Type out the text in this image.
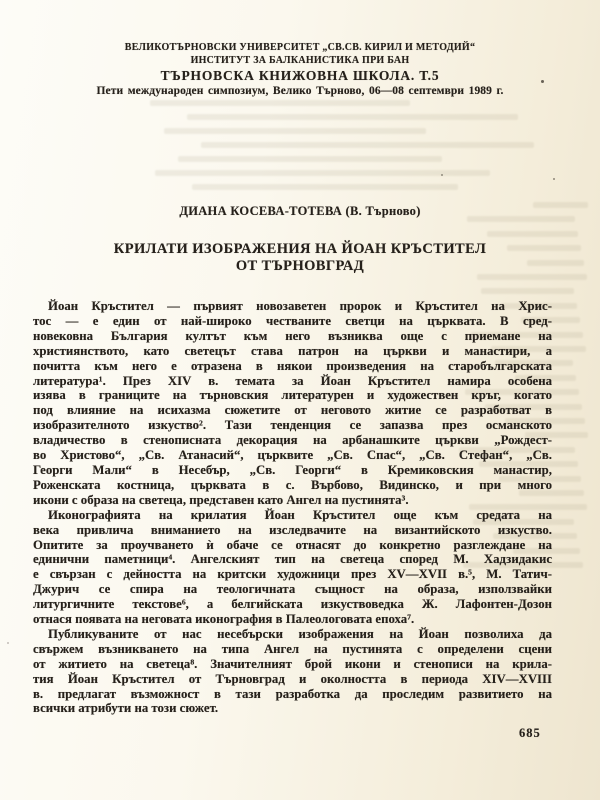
ВЕЛИКОТЪРНОВСКИ УНИВЕРСИТЕТ „СВ.СВ. КИРИЛ И МЕТОДИЙ“
ИНСТИТУТ ЗА БАЛКАНИСТИКА ПРИ БАН
ТЪРНОВСКА КНИЖОВНА ШКОЛА. Т.5
Пети международен симпозиум, Велико Търново, 06—08 септември 1989 г.
ДИАНА КОСЕВА-ТОТЕВА (В. Търново)
КРИЛАТИ ИЗОБРАЖЕНИЯ НА ЙОАН КРЪСТИТЕЛ
ОТ ТЪРНОВГРАД
Йоан Кръстител — първият новозаветен пророк и Кръстител на Хрис-
тос — е един от най-широко честваните светци на църквата. В сред-
новековна България култът към него възниква още с приемане на
християнството, като светецът става патрон на църкви и манастири, а
почитта към него е отразена в някои произведения на старобългарската
литература¹. През XIV в. темата за Йоан Кръстител намира особена
изява в границите на търновския литературен и художествен кръг, когато
под влияние на исихазма сюжетите от неговото житие се разработват в
изобразителното изкуство². Тази тенденция се запазва през османското
владичество в стенописната декорация на арбанашките църкви „Рождест-
во Христово“, „Св. Атанасий“, църквите „Св. Спас“, „Св. Стефан“, „Св.
Георги Мали“ в Несебър, „Св. Георги“ в Кремиковския манастир,
Роженската костница, църквата в с. Върбово, Видинско, и при много
икони с образа на светеца, представен като Ангел на пустинята³.
Иконографията на крилатия Йоан Кръстител още към средата на
века привлича вниманието на изследвачите на византийското изкуство.
Опитите за проучването ѝ обаче се отнасят до конкретно разглеждане на
единични паметници⁴. Ангелският тип на светеца според М. Хадзидакис
е свързан с дейността на критски художници през XV—XVII в.⁵, М. Татич-
Джурич се спира на теологичната същност на образа, използвайки
литургичните текстове⁶, а белгийската изкуствоведка Ж. Лафонтен-Дозон
отнася появата на неговата иконография в Палеологовата епоха⁷.
Публикуваните от нас несебърски изображения на Йоан позволиха да
свържем възникването на типа Ангел на пустинята с определени сцени
от житието на светеца⁸. Значителният брой икони и стенописи на крила-
тия Йоан Кръстител от Търновград и околността в периода XIV—XVIII
в. предлагат възможност в тази разработка да проследим развитието на
всички атрибути на този сюжет.
685
